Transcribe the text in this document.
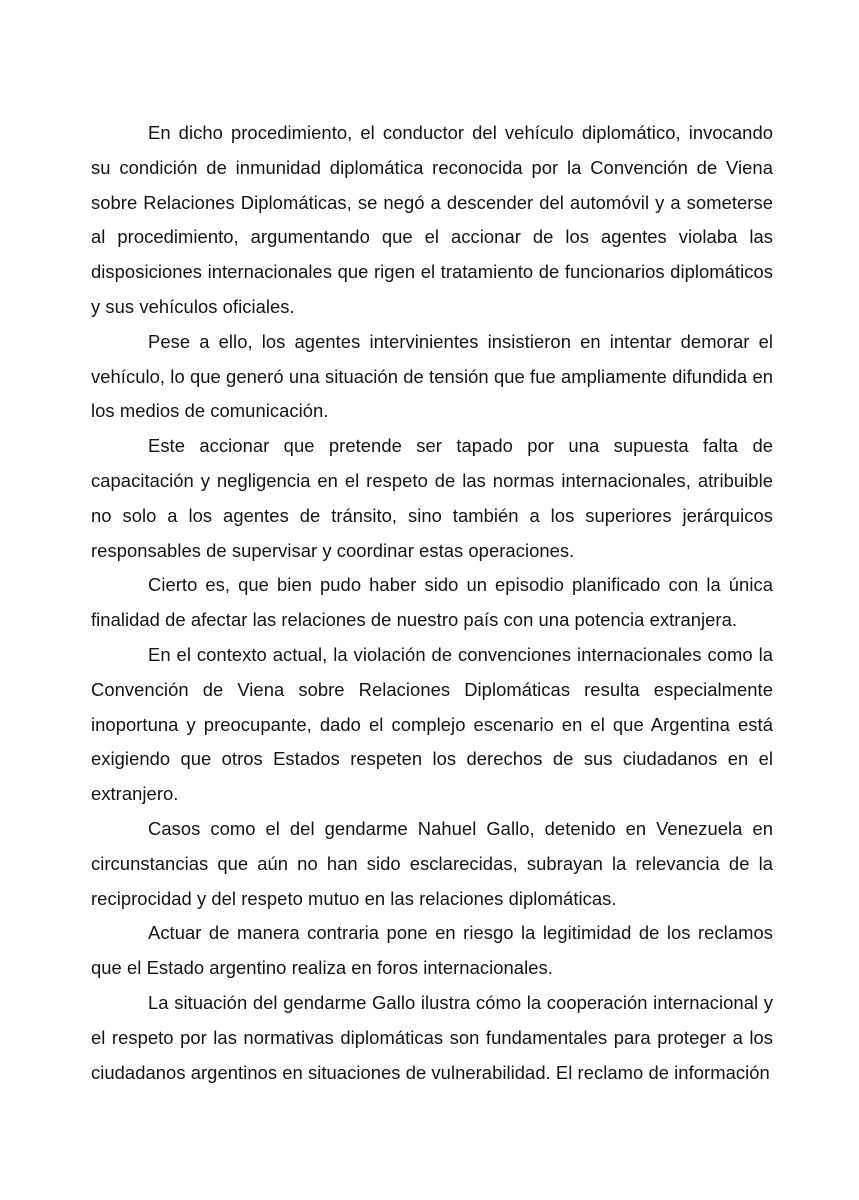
En dicho procedimiento, el conductor del vehículo diplomático, invocando su condición de inmunidad diplomática reconocida por la Convención de Viena sobre Relaciones Diplomáticas, se negó a descender del automóvil y a someterse al procedimiento, argumentando que el accionar de los agentes violaba las disposiciones internacionales que rigen el tratamiento de funcionarios diplomáticos y sus vehículos oficiales.

Pese a ello, los agentes intervinientes insistieron en intentar demorar el vehículo, lo que generó una situación de tensión que fue ampliamente difundida en los medios de comunicación.

Este accionar que pretende ser tapado por una supuesta falta de capacitación y negligencia en el respeto de las normas internacionales, atribuible no solo a los agentes de tránsito, sino también a los superiores jerárquicos responsables de supervisar y coordinar estas operaciones.

Cierto es, que bien pudo haber sido un episodio planificado con la única finalidad de afectar las relaciones de nuestro país con una potencia extranjera.

En el contexto actual, la violación de convenciones internacionales como la Convención de Viena sobre Relaciones Diplomáticas resulta especialmente inoportuna y preocupante, dado el complejo escenario en el que Argentina está exigiendo que otros Estados respeten los derechos de sus ciudadanos en el extranjero.

Casos como el del gendarme Nahuel Gallo, detenido en Venezuela en circunstancias que aún no han sido esclarecidas, subrayan la relevancia de la reciprocidad y del respeto mutuo en las relaciones diplomáticas.

Actuar de manera contraria pone en riesgo la legitimidad de los reclamos que el Estado argentino realiza en foros internacionales.

La situación del gendarme Gallo ilustra cómo la cooperación internacional y el respeto por las normativas diplomáticas son fundamentales para proteger a los ciudadanos argentinos en situaciones de vulnerabilidad. El reclamo de información
